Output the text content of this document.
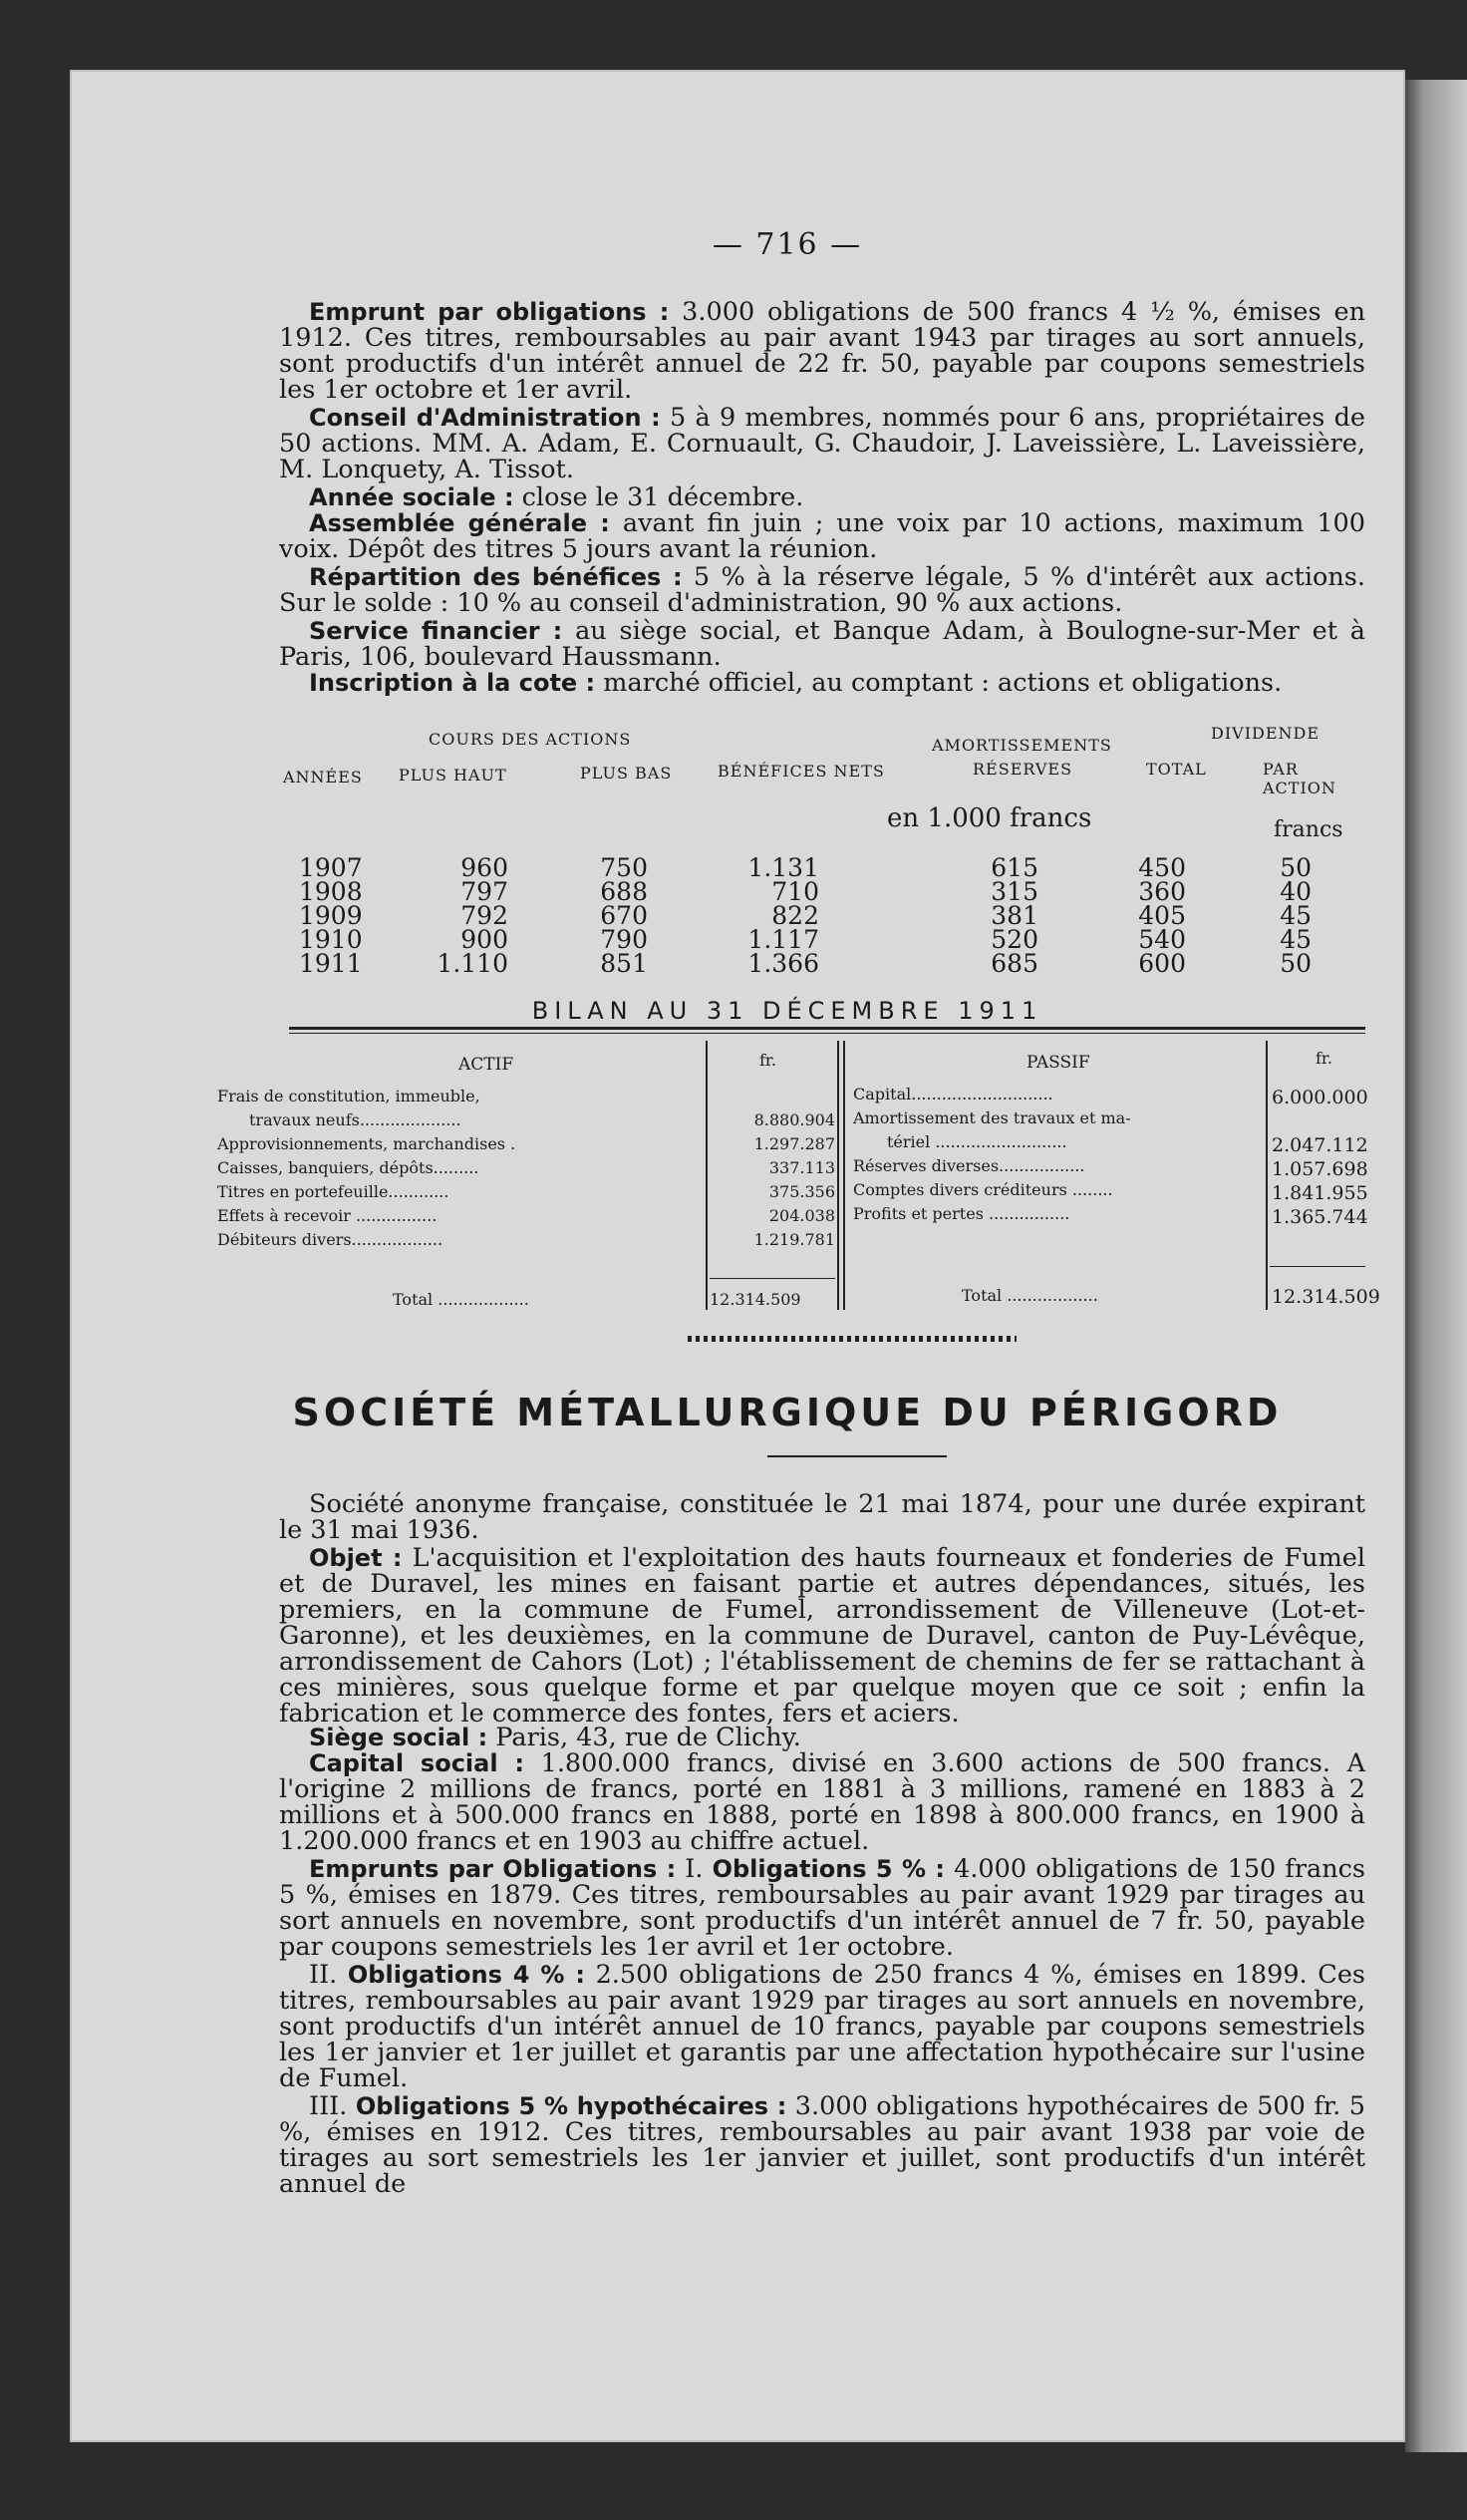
— 716 —
Emprunt par obligations : 3.000 obligations de 500 francs 4 ½ %, émises en 1912. Ces titres, remboursables au pair avant 1943 par tirages au sort annuels, sont productifs d'un intérêt annuel de 22 fr. 50, payable par coupons semestriels les 1er octobre et 1er avril.
Conseil d'Administration : 5 à 9 membres, nommés pour 6 ans, propriétaires de 50 actions. MM. A. Adam, E. Cornuault, G. Chaudoir, J. Laveissière, L. Laveissière, M. Lonquety, A. Tissot.
Année sociale : close le 31 décembre.
Assemblée générale : avant fin juin ; une voix par 10 actions, maximum 100 voix. Dépôt des titres 5 jours avant la réunion.
Répartition des bénéfices : 5 % à la réserve légale, 5 % d'intérêt aux actions. Sur le solde : 10 % au conseil d'administration, 90 % aux actions.
Service financier : au siège social, et Banque Adam, à Boulogne-sur-Mer et à Paris, 106, boulevard Haussmann.
Inscription à la cote : marché officiel, au comptant : actions et obligations.
COURS DES ACTIONS	AMORTISSEMENTS
DIVIDENDE
ANNÉES PLUS HAUT	PLUS BAS	BÉNÉFICES NETS	RÉSERVES	TOTAL	PAR ACTION
en 1.000 francs	francs
1907	960	750	1.131	615	450	50
1908	797	688	710	315	360	40
1909	792	670	822	381	405	45
1910	900	790	1.117	520	540	45
1911	1.110	851	1.366	685	600	50
BILAN AU 31 DÉCEMBRE 1911
ACTIF	fr.	PASSIF	fr.
Frais de constitution, immeuble,
travaux neufs....................	8.880.904
Approvisionnements, marchandises .	1.297.287
Caisses, banquiers, dépôts.........	337.113
Titres en portefeuille............	375.356
Effets à recevoir ................	204.038
Débiteurs divers..................	1.219.781
Capital............................	6.000.000
Amortissement des travaux et ma-
tériel ..........................	2.047.112
Réserves diverses.................	1.057.698
Comptes divers créditeurs ........	1.841.955
Profits et pertes ................	1.365.744
Total ..................	12.314.509	Total ..................	12.314.509
SOCIÉTÉ MÉTALLURGIQUE DU PÉRIGORD
Société anonyme française, constituée le 21 mai 1874, pour une durée expirant le 31 mai 1936.
Objet : L'acquisition et l'exploitation des hauts fourneaux et fonderies de Fumel et de Duravel, les mines en faisant partie et autres dépendances, situés, les premiers, en la commune de Fumel, arrondissement de Villeneuve (Lot-et-Garonne), et les deuxièmes, en la commune de Duravel, canton de Puy-Lévêque, arrondissement de Cahors (Lot) ; l'établissement de chemins de fer se rattachant à ces minières, sous quelque forme et par quelque moyen que ce soit ; enfin la fabrication et le commerce des fontes, fers et aciers.
Siège social : Paris, 43, rue de Clichy.
Capital social : 1.800.000 francs, divisé en 3.600 actions de 500 francs. A l'origine 2 millions de francs, porté en 1881 à 3 millions, ramené en 1883 à 2 millions et à 500.000 francs en 1888, porté en 1898 à 800.000 francs, en 1900 à 1.200.000 francs et en 1903 au chiffre actuel.
Emprunts par Obligations : I. Obligations 5 % : 4.000 obligations de 150 francs 5 %, émises en 1879. Ces titres, remboursables au pair avant 1929 par tirages au sort annuels en novembre, sont productifs d'un intérêt annuel de 7 fr. 50, payable par coupons semestriels les 1er avril et 1er octobre.
II. Obligations 4 % : 2.500 obligations de 250 francs 4 %, émises en 1899. Ces titres, remboursables au pair avant 1929 par tirages au sort annuels en novembre, sont productifs d'un intérêt annuel de 10 francs, payable par coupons semestriels les 1er janvier et 1er juillet et garantis par une affectation hypothécaire sur l'usine de Fumel.
III. Obligations 5 % hypothécaires : 3.000 obligations hypothécaires de 500 fr. 5 %, émises en 1912. Ces titres, remboursables au pair avant 1938 par voie de tirages au sort semestriels les 1er janvier et juillet, sont productifs d'un intérêt annuel de
